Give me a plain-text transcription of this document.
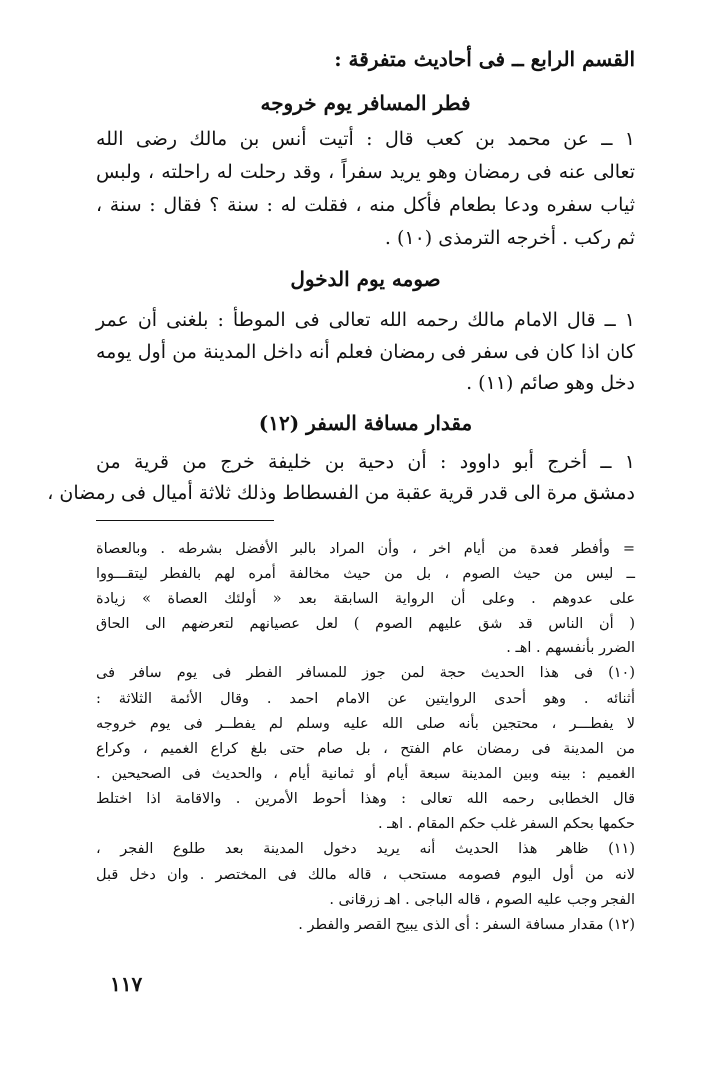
القسم الرابع ــ فى أحاديث متفرقة :
فطر المسافر يوم خروجه
١ ــ عن محمد بن كعب قال : أتيت أنس بن مالك رضى الله
تعالى عنه فى رمضان وهو يريد سفراً ، وقد رحلت له راحلته ، ولبس
ثياب سفره ودعا بطعام فأكل منه ، فقلت له : سنة ؟ فقال : سنة ،
ثم ركب . أخرجه الترمذى (١٠) .
صومه يوم الدخول
١ ــ قال الامام مالك رحمه الله تعالى فى الموطأ : بلغنى أن عمر
كان اذا كان فى سفر فى رمضان فعلم أنه داخل المدينة من أول يومه
دخل وهو صائم (١١) .
مقدار مسافة السفر (١٢)
١ ــ أخرج أبو داوود : أن دحية بن خليفة خرج من قرية من
دمشق مرة الى قدر قرية عقبة من الفسطاط وذلك ثلاثة أميال فى رمضان ،
= وأفطر فعدة من أيام اخر ، وأن المراد بالبر الأفضل بشرطه . وبالعصاة
ــ ليس من حيث الصوم ، بل من حيث مخالفة أمره لهم بالفطر ليتقـــووا
على عدوهم . وعلى أن الرواية السابقة بعد « أولئك العصاة » زيادة
( أن الناس قد شق عليهم الصوم ) لعل عصيانهم لتعرضهم الى الحاق
الضرر بأنفسهم . اهـ .
(١٠) فى هذا الحديث حجة لمن جوز للمسافر الفطر فى يوم سافر فى
أثنائه . وهو أحدى الروايتين عن الامام احمد . وقال الأئمة الثلاثة :
لا يفطـــر ، محتجين بأنه صلى الله عليه وسلم لم يفطــر فى يوم خروجه
من المدينة فى رمضان عام الفتح ، بل صام حتى بلغ كراع الغميم ، وكراع
الغميم : بينه وبين المدينة سبعة أيام أو ثمانية أيام ، والحديث فى الصحيحين .
قال الخطابى رحمه الله تعالى : وهذا أحوط الأمرين . والاقامة اذا اختلط
حكمها بحكم السفر غلب حكم المقام . اهـ .
(١١) ظاهر هذا الحديث أنه يريد دخول المدينة بعد طلوع الفجر ،
لانه من أول اليوم فصومه مستحب ، قاله مالك فى المختصر . وان دخل قبل
الفجر وجب عليه الصوم ، قاله الباجى . اهـ زرقانى .
(١٢) مقدار مسافة السفر : أى الذى يبيح القصر والفطر .
١١٧
